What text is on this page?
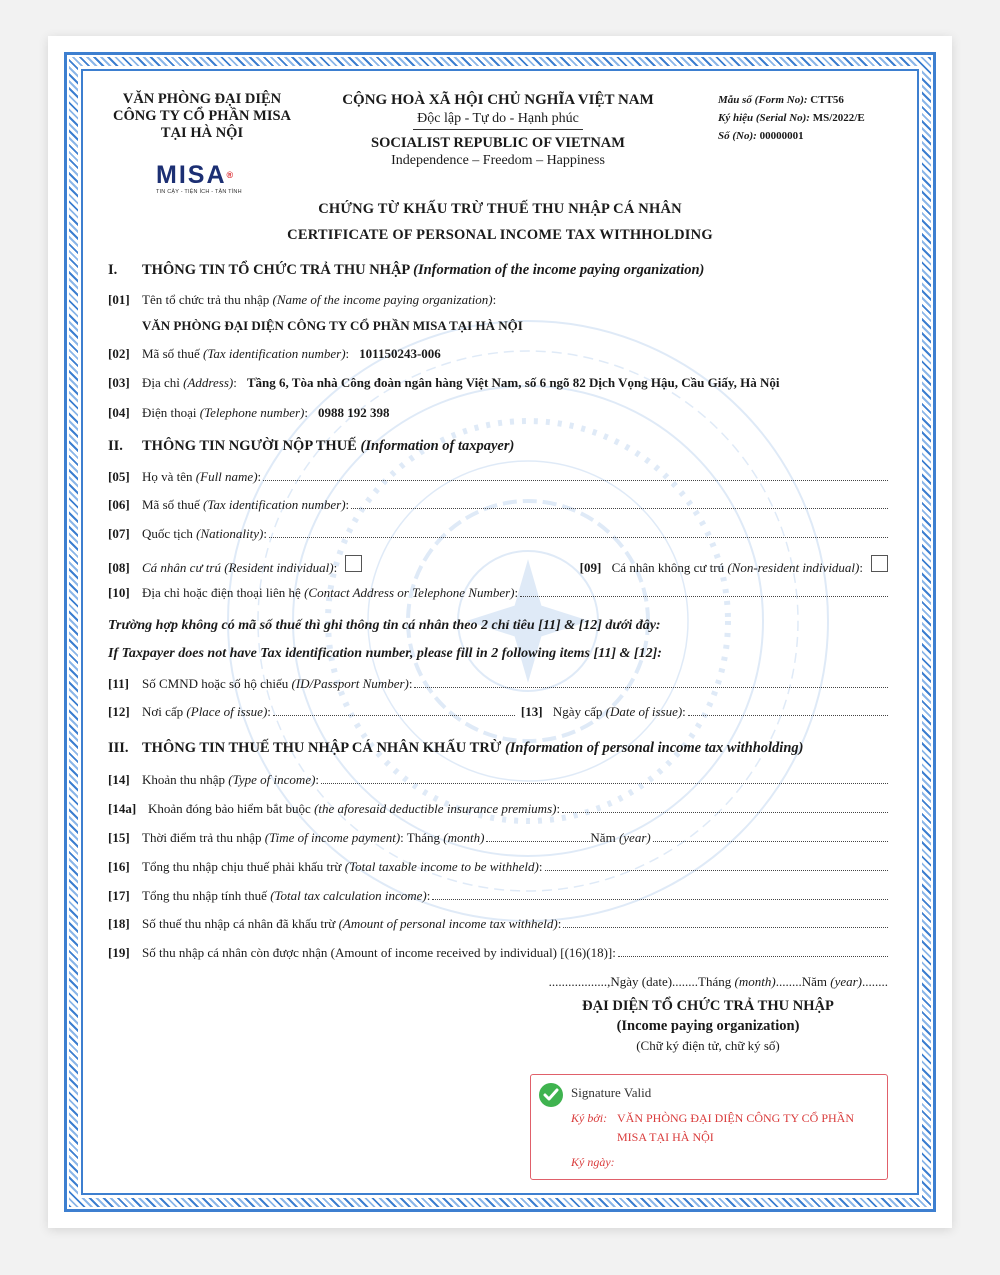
VĂN PHÒNG ĐẠI DIỆN
CÔNG TY CỔ PHẦN MISA
TẠI HÀ NỘI
MISA®
TIN CẬY - TIỆN ÍCH - TẬN TÌNH
CỘNG HOÀ XÃ HỘI CHỦ NGHĨA VIỆT NAM
Độc lập - Tự do - Hạnh phúc
SOCIALIST REPUBLIC OF VIETNAM
Independence – Freedom – Happiness
Mẫu số (Form No): CTT56
Ký hiệu (Serial No): MS/2022/E
Số (No): 00000001
CHỨNG TỪ KHẤU TRỪ THUẾ THU NHẬP CÁ NHÂN
CERTIFICATE OF PERSONAL INCOME TAX WITHHOLDING
I. THÔNG TIN TỔ CHỨC TRẢ THU NHẬP (Information of the income paying organization)
[01] Tên tổ chức trả thu nhập (Name of the income paying organization):
VĂN PHÒNG ĐẠI DIỆN CÔNG TY CỔ PHẦN MISA TẠI HÀ NỘI
[02] Mã số thuế (Tax identification number): 101150243-006
[03] Địa chỉ (Address): Tầng 6, Tòa nhà Công đoàn ngân hàng Việt Nam, số 6 ngõ 82 Dịch Vọng Hậu, Cầu Giấy, Hà Nội
[04] Điện thoại (Telephone number): 0988 192 398
II. THÔNG TIN NGƯỜI NỘP THUẾ (Information of taxpayer)
[05] Họ và tên (Full name):
[06] Mã số thuế (Tax identification number):
[07] Quốc tịch (Nationality):
[08] Cá nhân cư trú (Resident individual):	[09] Cá nhân không cư trú (Non-resident individual):
[10] Địa chỉ hoặc điện thoại liên hệ (Contact Address or Telephone Number):
Trường hợp không có mã số thuế thì ghi thông tin cá nhân theo 2 chỉ tiêu [11] & [12] dưới đây:
If Taxpayer does not have Tax identification number, please fill in 2 following items [11] & [12]:
[11]	Số CMND hoặc số hộ chiếu (ID/Passport Number):
[12] Nơi cấp (Place of issue):	[13] Ngày cấp (Date of issue):
III. THÔNG TIN THUẾ THU NHẬP CÁ NHÂN KHẤU TRỪ (Information of personal income tax withholding)
[14] Khoản thu nhập (Type of income):
[14a] Khoản đóng bảo hiểm bắt buộc (the aforesaid deductible insurance premiums):
[15] Thời điểm trả thu nhập (Time of income payment): Tháng (month)	Năm (year)
[16] Tổng thu nhập chịu thuế phải khấu trừ (Total taxable income to be withheld):
[17] Tổng thu nhập tính thuế (Total tax calculation income):
[18] Số thuế thu nhập cá nhân đã khấu trừ (Amount of personal income tax withheld):
[19] Số thu nhập cá nhân còn được nhận (Amount of income received by individual) [(16)(18)]:
..................,Ngày (date)........Tháng (month)........Năm (year)........
ĐẠI DIỆN TỔ CHỨC TRẢ THU NHẬP
(Income paying organization)
(Chữ ký điện tử, chữ ký số)
Signature Valid
Ký bởi: VĂN PHÒNG ĐẠI DIỆN CÔNG TY CỔ PHẦN MISA TẠI HÀ NỘI
Ký ngày:
